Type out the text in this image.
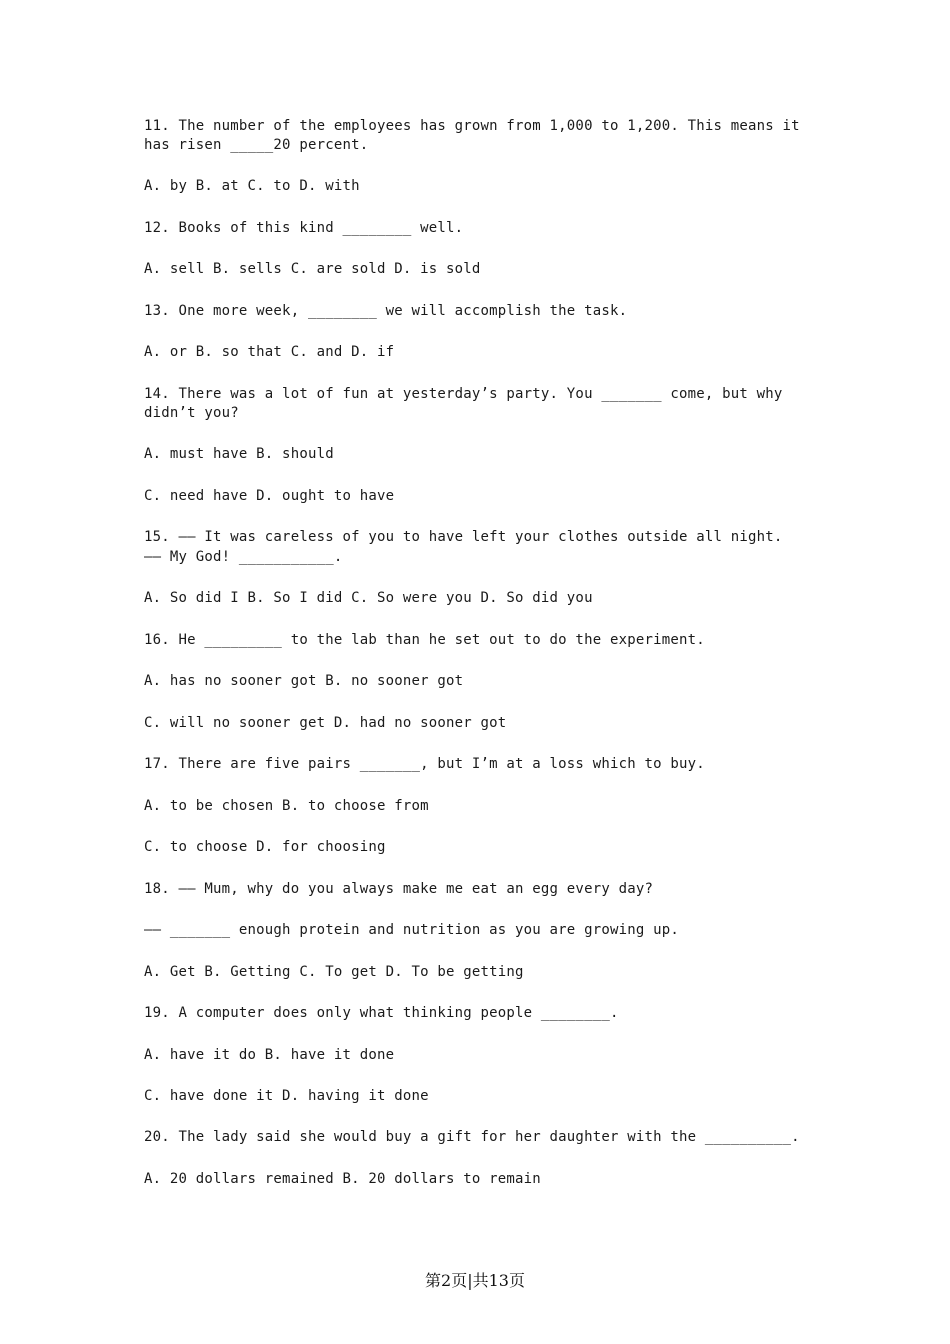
11. The number of the employees has grown from 1,000 to 1,200. This means it
has risen _____20 percent.
A. by B. at C. to D. with
12. Books of this kind ________ well.
A. sell B. sells C. are sold D. is sold
13. One more week, ________ we will accomplish the task.
A. or B. so that C. and D. if
14. There was a lot of fun at yesterday’s party. You _______ come, but why
didn’t you?
A. must have B. should
C. need have D. ought to have
15. —— It was careless of you to have left your clothes outside all night.
—— My God! ___________.
A. So did I B. So I did C. So were you D. So did you
16. He _________ to the lab than he set out to do the experiment.
A. has no sooner got B. no sooner got
C. will no sooner get D. had no sooner got
17. There are five pairs _______, but I’m at a loss which to buy.
A. to be chosen B. to choose from
C. to choose D. for choosing
18. —— Mum, why do you always make me eat an egg every day?
—— _______ enough protein and nutrition as you are growing up.
A. Get B. Getting C. To get D. To be getting
19. A computer does only what thinking people ________.
A. have it do B. have it done
C. have done it D. having it done
20. The lady said she would buy a gift for her daughter with the __________.
A. 20 dollars remained B. 20 dollars to remain
第2页|共13页
